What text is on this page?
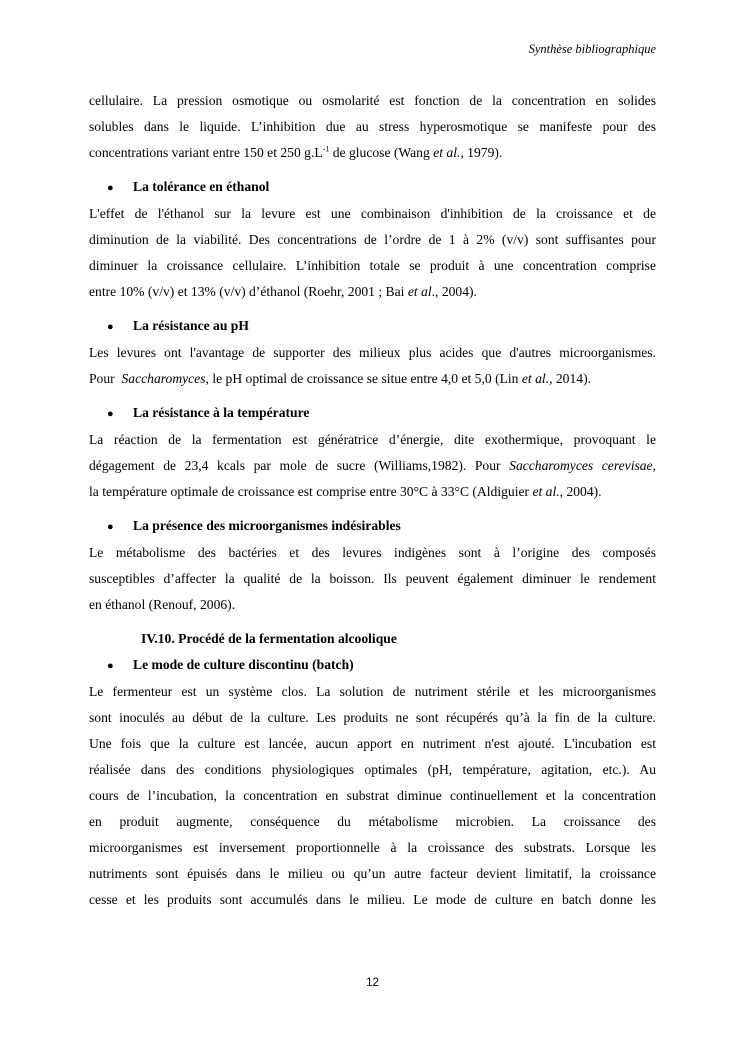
Synthèse bibliographique

cellulaire. La pression osmotique ou osmolarité est fonction de la concentration en solides
solubles dans le liquide. L’inhibition due au stress hyperosmotique se manifeste pour des
concentrations variant entre 150 et 250 $g.L^{-1}$ de glucose (Wang et al., 1979).

●	La tolérance en éthanol

L'effet de l'éthanol sur la levure est une combinaison d'inhibition de la croissance et de
diminution de la viabilité. Des concentrations de l’ordre de 1 à 2% (v/v) sont suffisantes pour
diminuer la croissance cellulaire. L’inhibition totale se produit à une concentration comprise
entre 10% (v/v) et 13% (v/v) d’éthanol (Roehr, 2001 ; Bai et al., 2004).

●	La résistance au pH

Les levures ont l'avantage de supporter des milieux plus acides que d'autres microorganismes.
Pour  Saccharomyces, le pH optimal de croissance se situe entre 4,0 et 5,0 (Lin et al., 2014).

●	La résistance à la température

La réaction de la fermentation est génératrice d’énergie, dite exothermique, provoquant le
dégagement de 23,4 kcals par mole de sucre (Williams,1982). Pour Saccharomyces cerevisae,
la température optimale de croissance est comprise entre 30°C à 33°C (Aldiguier et al., 2004).

●	La présence des microorganismes indésirables

Le métabolisme des bactéries et des levures indigènes sont à l’origine des composés
susceptibles d’affecter la qualité de la boisson. Ils peuvent également diminuer le rendement
en éthanol (Renouf, 2006).

IV.10. Procédé de la fermentation alcoolique
●	Le mode de culture discontinu (batch)

Le fermenteur est un système clos. La solution de nutriment stérile et les microorganismes
sont inoculés au début de la culture. Les produits ne sont récupérés qu’à la fin de la culture.
Une fois que la culture est lancée, aucun apport en nutriment n'est ajouté. L'incubation est
réalisée dans des conditions physiologiques optimales (pH, température, agitation, etc.). Au
cours de l’incubation, la concentration en substrat diminue continuellement et la concentration
en produit augmente, conséquence du métabolisme microbien. La croissance des
microorganismes est inversement proportionnelle à la croissance des substrats. Lorsque les
nutriments sont épuisés dans le milieu ou qu’un autre facteur devient limitatif, la croissance
cesse et les produits sont accumulés dans le milieu. Le mode de culture en batch donne les

12
